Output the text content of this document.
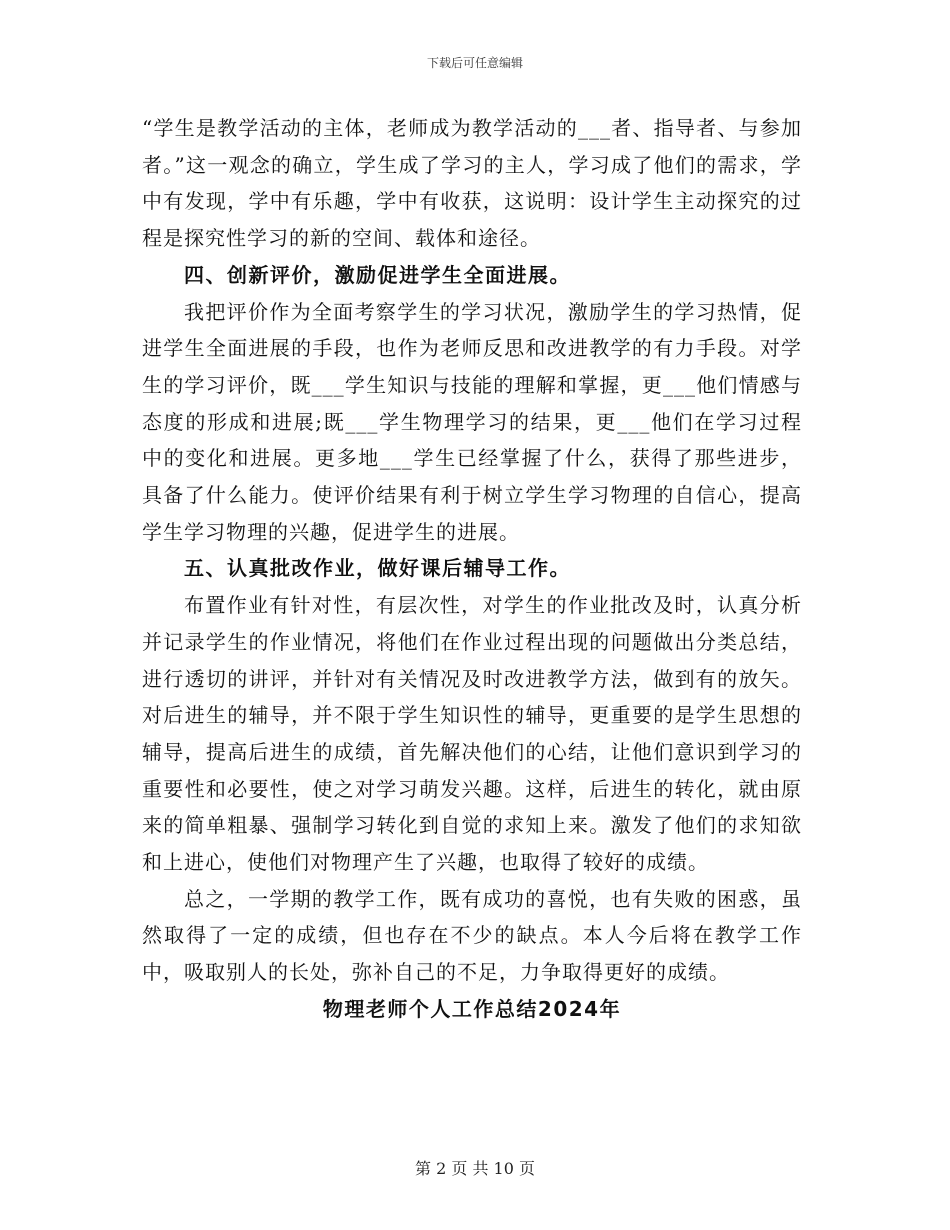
下载后可任意编辑

“学生是教学活动的主体，老师成为教学活动的___者、指导者、与参加者。”这一观念的确立，学生成了学习的主人，学习成了他们的需求，学中有发现，学中有乐趣，学中有收获，这说明：设计学生主动探究的过程是探究性学习的新的空间、载体和途径。

四、创新评价，激励促进学生全面进展。

我把评价作为全面考察学生的学习状况，激励学生的学习热情，促进学生全面进展的手段，也作为老师反思和改进教学的有力手段。对学生的学习评价，既___学生知识与技能的理解和掌握，更___他们情感与态度的形成和进展;既___学生物理学习的结果，更___他们在学习过程中的变化和进展。更多地___学生已经掌握了什么，获得了那些进步，具备了什么能力。使评价结果有利于树立学生学习物理的自信心，提高学生学习物理的兴趣，促进学生的进展。

五、认真批改作业，做好课后辅导工作。

布置作业有针对性，有层次性，对学生的作业批改及时，认真分析并记录学生的作业情况，将他们在作业过程出现的问题做出分类总结，进行透切的讲评，并针对有关情况及时改进教学方法，做到有的放矢。对后进生的辅导，并不限于学生知识性的辅导，更重要的是学生思想的辅导，提高后进生的成绩，首先解决他们的心结，让他们意识到学习的重要性和必要性，使之对学习萌发兴趣。这样，后进生的转化，就由原来的简单粗暴、强制学习转化到自觉的求知上来。激发了他们的求知欲和上进心，使他们对物理产生了兴趣，也取得了较好的成绩。

总之，一学期的教学工作，既有成功的喜悦，也有失败的困惑，虽然取得了一定的成绩，但也存在不少的缺点。本人今后将在教学工作中，吸取别人的长处，弥补自己的不足，力争取得更好的成绩。

物理老师个人工作总结2024年

第 2 页 共 10 页
